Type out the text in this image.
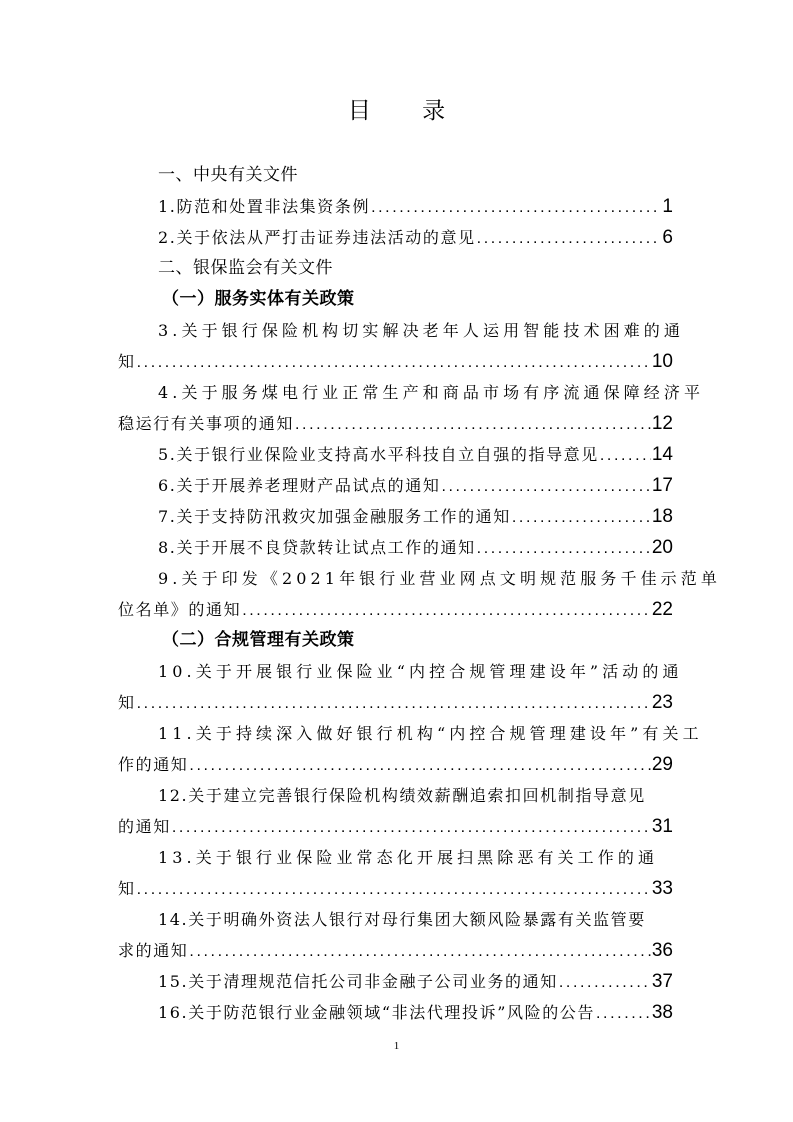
目 录
一、中央有关文件
1.防范和处置非法集资条例 .....	1
2.关于依法从严打击证券违法活动的意见 .....	6
二、银保监会有关文件
（一）服务实体有关政策
3.关于银行保险机构切实解决老年人运用智能技术困难的通
知 .....	10
4.关于服务煤电行业正常生产和商品市场有序流通保障经济平
稳运行有关事项的通知 .....	12
5.关于银行业保险业支持高水平科技自立自强的指导意见 .....	14
6.关于开展养老理财产品试点的通知 .....	17
7.关于支持防汛救灾加强金融服务工作的通知 .....	18
8.关于开展不良贷款转让试点工作的通知 .....	20
9.关于印发《2021年银行业营业网点文明规范服务千佳示范单
位名单》的通知 .....	22
（二）合规管理有关政策
10.关于开展银行业保险业“内控合规管理建设年”活动的通
知 .....	23
11.关于持续深入做好银行机构“内控合规管理建设年”有关工
作的通知 .....	29
12.关于建立完善银行保险机构绩效薪酬追索扣回机制指导意见
的通知 .....	31
13.关于银行业保险业常态化开展扫黑除恶有关工作的通
知 .....	33
14.关于明确外资法人银行对母行集团大额风险暴露有关监管要
求的通知 .....	36
15.关于清理规范信托公司非金融子公司业务的通知 .....	37
16.关于防范银行业金融领域“非法代理投诉”风险的公告 .....	38
1
